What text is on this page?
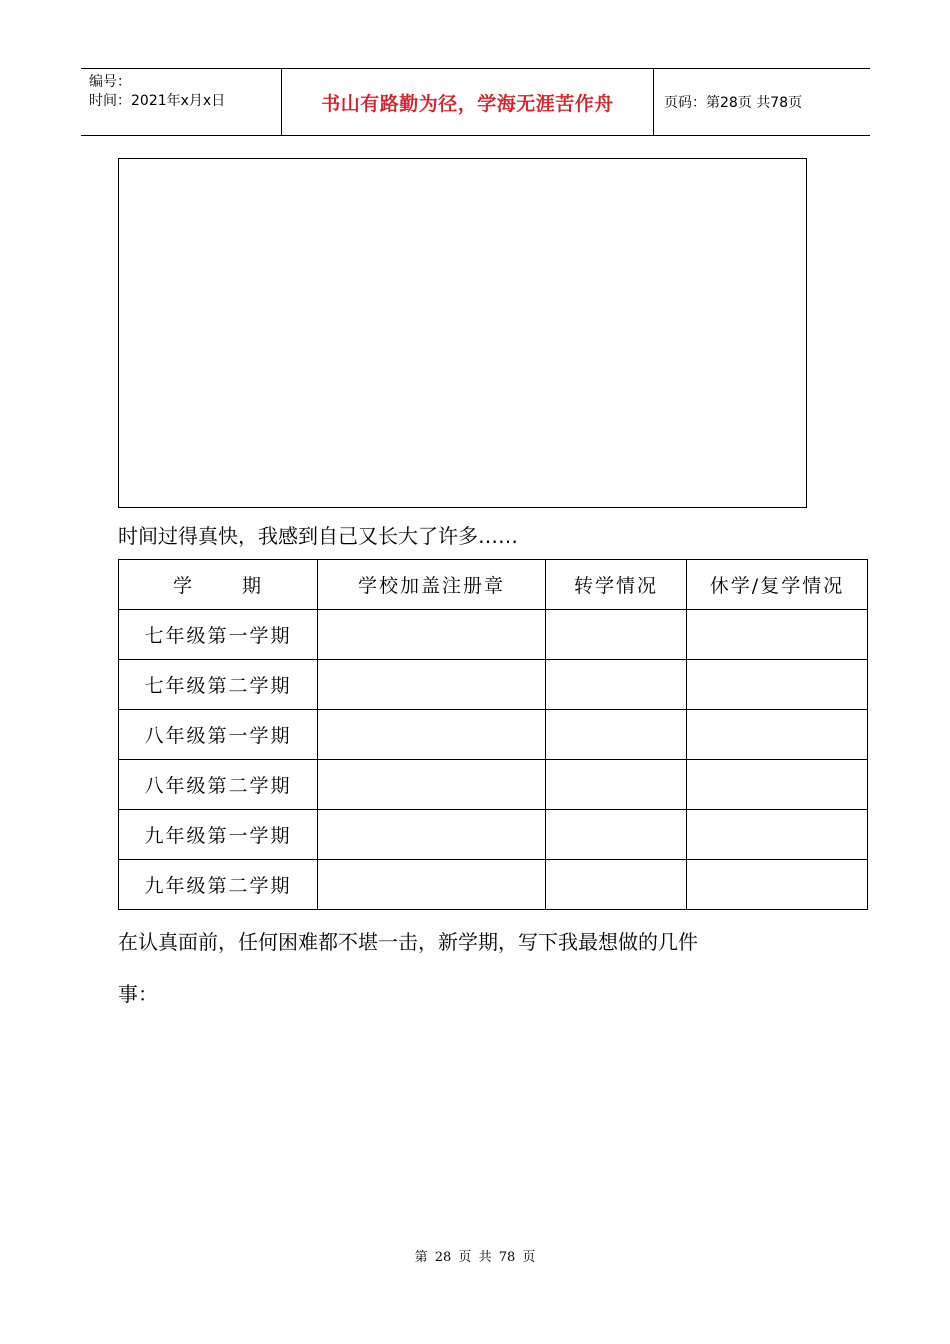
编号：
时间：2021年x月x日	书山有路勤为径，学海无涯苦作舟	页码：第28页 共78页
时间过得真快，我感到自己又长大了许多……
学 期	学校加盖注册章	转学情况	休学/复学情况
七年级第一学期			
七年级第二学期			
八年级第一学期			
八年级第二学期			
九年级第一学期			
九年级第二学期			
在认真面前，任何困难都不堪一击，新学期，写下我最想做的几件
事：
第 28 页 共 78 页
